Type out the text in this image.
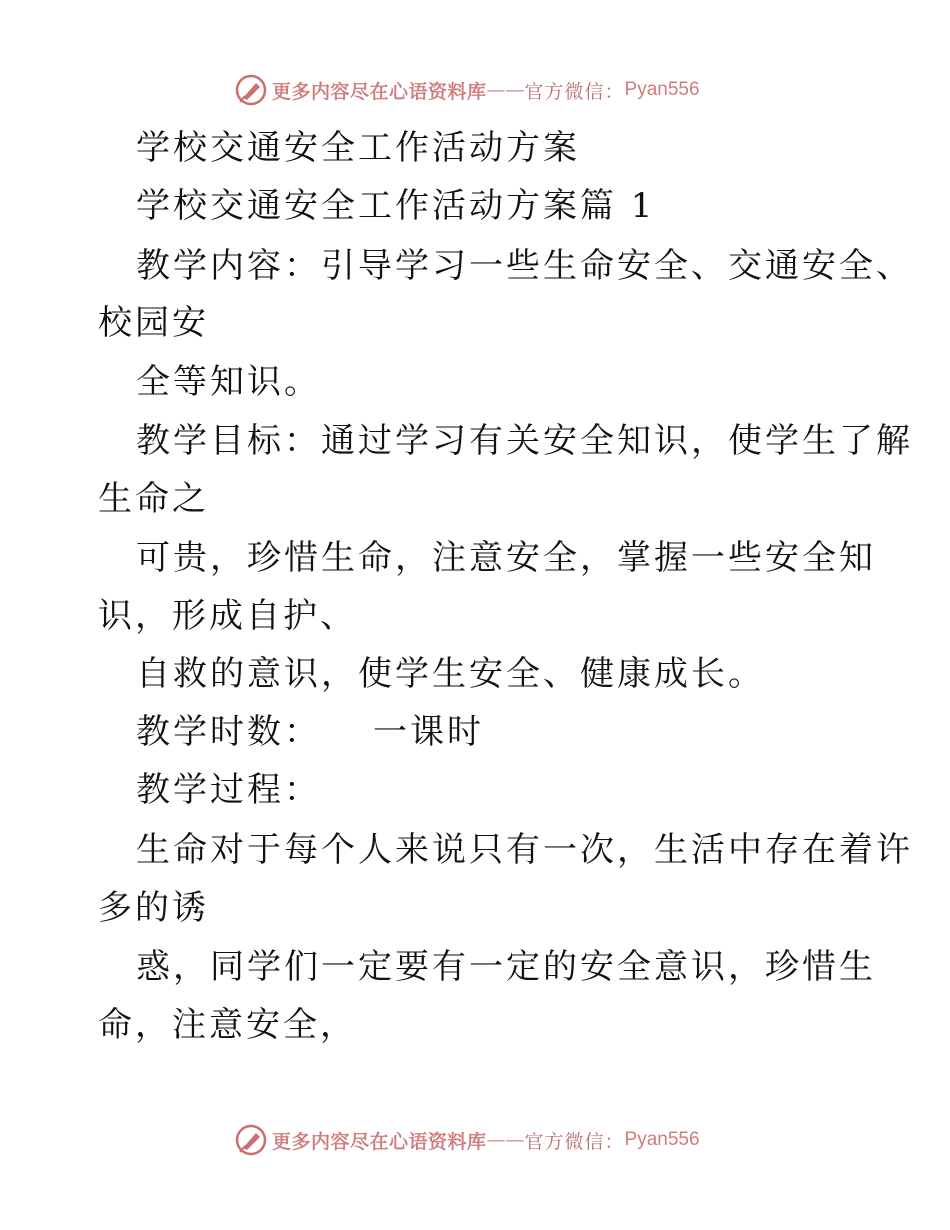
更多内容尽在心语资料库 —— 官方微信： Pyan556

学校交通安全工作活动方案

学校交通安全工作活动方案篇 1

教学内容：引导学习一些生命安全、交通安全、

校园安

全等知识。

教学目标：通过学习有关安全知识，使学生了解

生命之

可贵，珍惜生命，注意安全，掌握一些安全知

识，形成自护、

自救的意识，使学生安全、健康成长。

教学时数： 一课时

教学过程：

生命对于每个人来说只有一次，生活中存在着许

多的诱

惑，同学们一定要有一定的安全意识，珍惜生

命，注意安全，

更多内容尽在心语资料库 —— 官方微信： Pyan556
